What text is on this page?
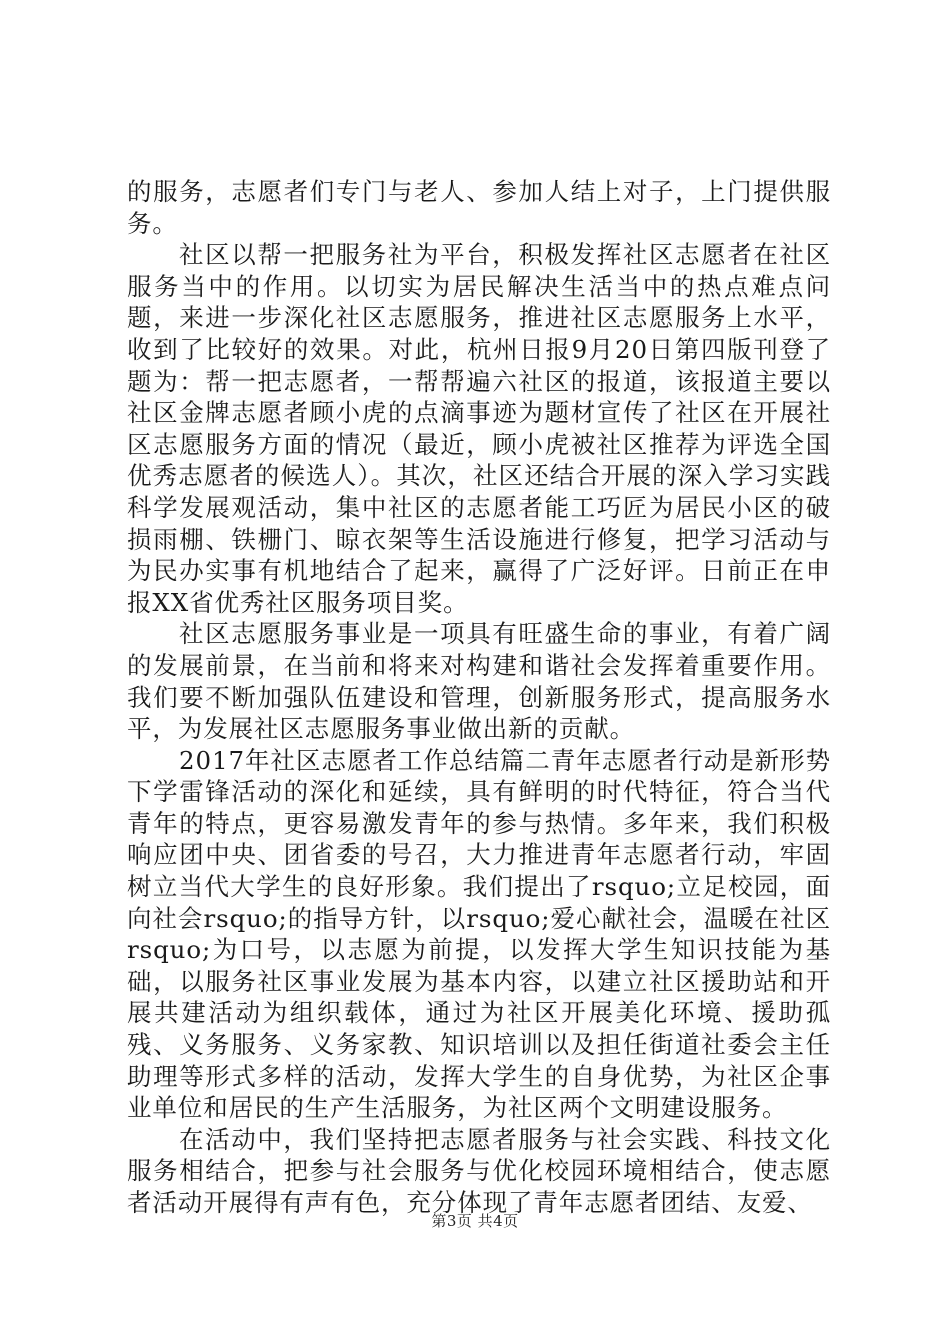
的服务，志愿者们专门与老人、参加人结上对子，上门提供服务。

社区以帮一把服务社为平台，积极发挥社区志愿者在社区服务当中的作用。以切实为居民解决生活当中的热点难点问题，来进一步深化社区志愿服务，推进社区志愿服务上水平，收到了比较好的效果。对此，杭州日报9月20日第四版刊登了题为：帮一把志愿者，一帮帮遍六社区的报道，该报道主要以社区金牌志愿者顾小虎的点滴事迹为题材宣传了社区在开展社区志愿服务方面的情况（最近，顾小虎被社区推荐为评选全国优秀志愿者的候选人）。其次，社区还结合开展的深入学习实践科学发展观活动，集中社区的志愿者能工巧匠为居民小区的破损雨棚、铁栅门、晾衣架等生活设施进行修复，把学习活动与为民办实事有机地结合了起来，赢得了广泛好评。日前正在申报XX省优秀社区服务项目奖。

社区志愿服务事业是一项具有旺盛生命的事业，有着广阔的发展前景，在当前和将来对构建和谐社会发挥着重要作用。我们要不断加强队伍建设和管理，创新服务形式，提高服务水平，为发展社区志愿服务事业做出新的贡献。

2017年社区志愿者工作总结篇二青年志愿者行动是新形势下学雷锋活动的深化和延续，具有鲜明的时代特征，符合当代青年的特点，更容易激发青年的参与热情。多年来，我们积极响应团中央、团省委的号召，大力推进青年志愿者行动，牢固树立当代大学生的良好形象。我们提出了rsquo;立足校园，面向社会rsquo;的指导方针，以rsquo;爱心献社会，温暖在社区rsquo;为口号，以志愿为前提，以发挥大学生知识技能为基础，以服务社区事业发展为基本内容，以建立社区援助站和开展共建活动为组织载体，通过为社区开展美化环境、援助孤残、义务服务、义务家教、知识培训以及担任街道社委会主任助理等形式多样的活动，发挥大学生的自身优势，为社区企事业单位和居民的生产生活服务，为社区两个文明建设服务。

在活动中，我们坚持把志愿者服务与社会实践、科技文化服务相结合，把参与社会服务与优化校园环境相结合，使志愿者活动开展得有声有色，充分体现了青年志愿者团结、友爱、

第3页 共4页
